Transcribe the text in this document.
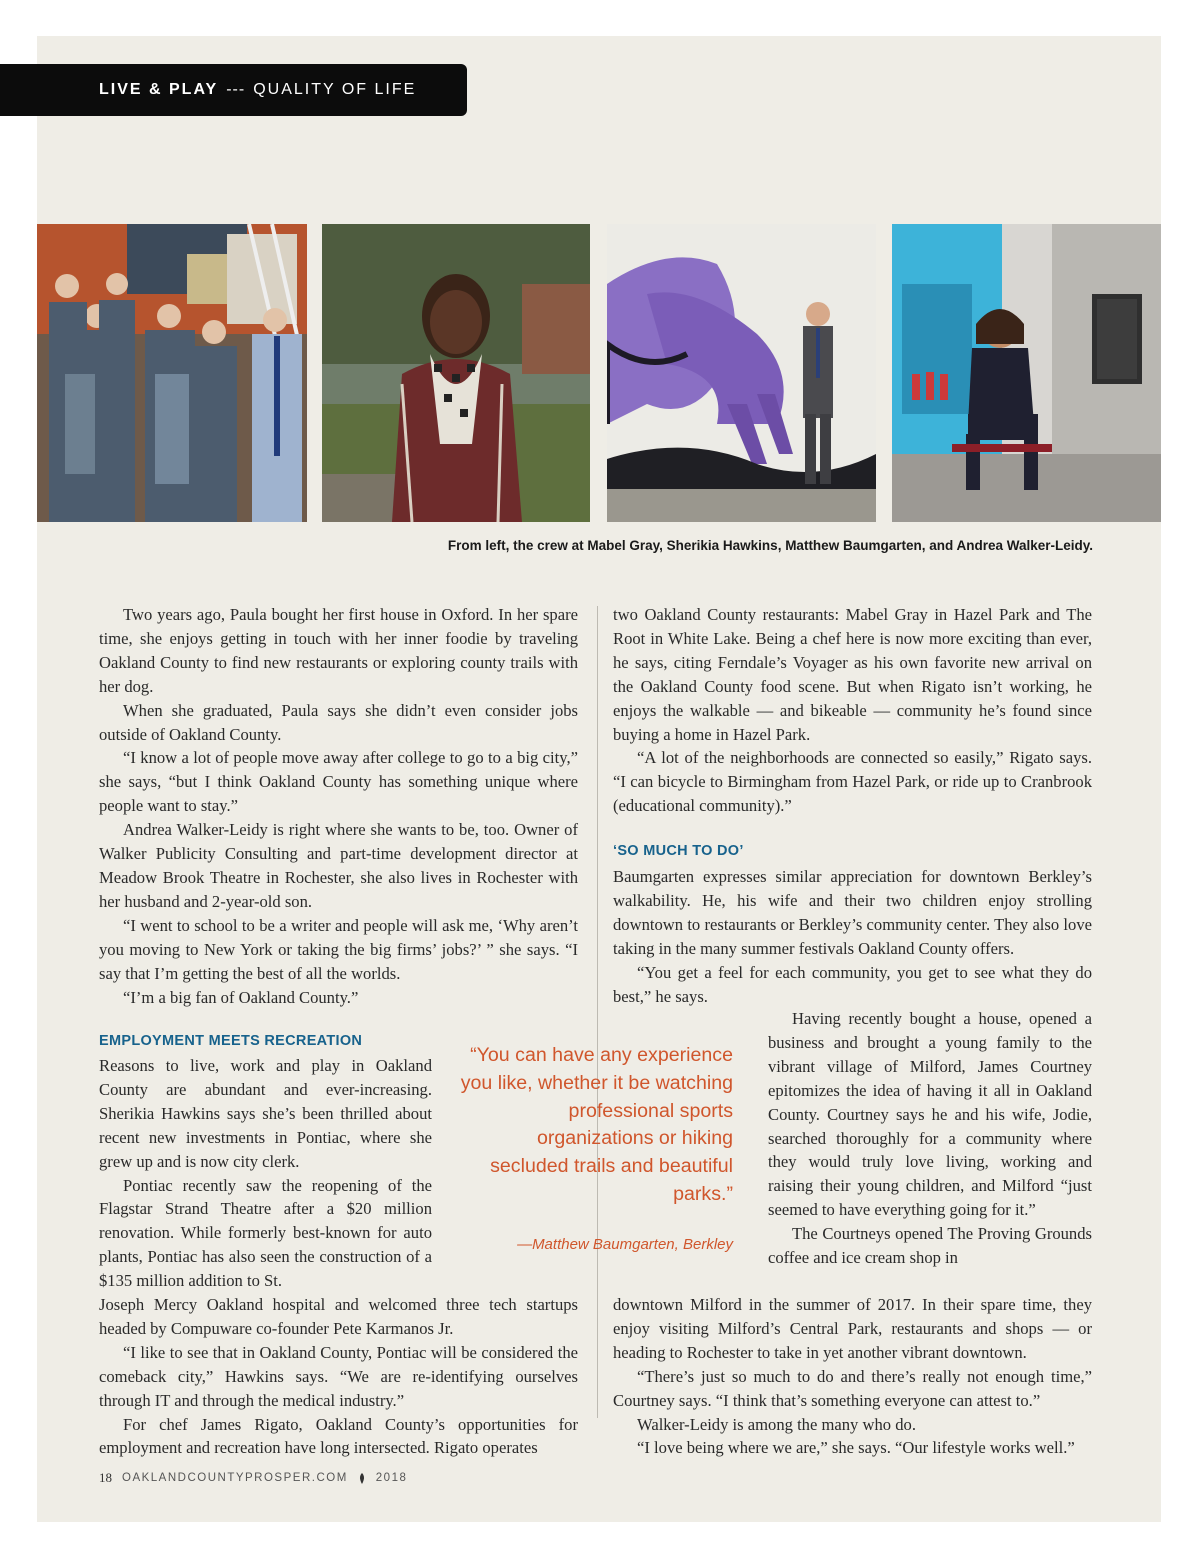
LIVE & PLAY --- QUALITY OF LIFE
From left, the crew at Mabel Gray, Sherikia Hawkins, Matthew Baumgarten, and Andrea Walker-Leidy.

Two years ago, Paula bought her first house in Oxford. In her spare time, she enjoys getting in touch with her inner foodie by traveling Oakland County to find new restaurants or exploring county trails with her dog.

When she graduated, Paula says she didn’t even consider jobs outside of Oakland County.

“I know a lot of people move away after college to go to a big city,” she says, “but I think Oakland County has something unique where people want to stay.”

Andrea Walker-Leidy is right where she wants to be, too. Owner of Walker Publicity Consulting and part-time development director at Meadow Brook Theatre in Rochester, she also lives in Rochester with her husband and 2-year-old son.

“I went to school to be a writer and people will ask me, ‘Why aren’t you moving to New York or taking the big firms’ jobs?’ ” she says. “I say that I’m getting the best of all the worlds.

“I’m a big fan of Oakland County.”

EMPLOYMENT MEETS RECREATION

Reasons to live, work and play in Oakland County are abundant and ever-increasing. Sherikia Hawkins says she’s been thrilled about recent new investments in Pontiac, where she grew up and is now city clerk.

Pontiac recently saw the reopening of the Flagstar Strand Theatre after a $20 million renovation. While formerly best-known for auto plants, Pontiac has also seen the construction of a $135 million addition to St.

Joseph Mercy Oakland hospital and welcomed three tech startups headed by Compuware co-founder Pete Karmanos Jr.

“I like to see that in Oakland County, Pontiac will be considered the comeback city,” Hawkins says. “We are re-identifying ourselves through IT and through the medical industry.”

For chef James Rigato, Oakland County’s opportunities for employment and recreation have long intersected. Rigato operates

two Oakland County restaurants: Mabel Gray in Hazel Park and The Root in White Lake. Being a chef here is now more exciting than ever, he says, citing Ferndale’s Voyager as his own favorite new arrival on the Oakland County food scene. But when Rigato isn’t working, he enjoys the walkable — and bikeable — community he’s found since buying a home in Hazel Park.

“A lot of the neighborhoods are connected so easily,” Rigato says. “I can bicycle to Birmingham from Hazel Park, or ride up to Cranbrook (educational community).”

‘SO MUCH TO DO’

Baumgarten expresses similar appreciation for downtown Berkley’s walkability. He, his wife and their two children enjoy strolling downtown to restaurants or Berkley’s community center. They also love taking in the many summer festivals Oakland County offers.

“You get a feel for each community, you get to see what they do best,” he says.

Having recently bought a house, opened a business and brought a young family to the vibrant village of Milford, James Courtney epitomizes the idea of having it all in Oakland County. Courtney says he and his wife, Jodie, searched thoroughly for a community where they would truly love living, working and raising their young children, and Milford “just seemed to have everything going for it.”

The Courtneys opened The Proving Grounds coffee and ice cream shop in

downtown Milford in the summer of 2017. In their spare time, they enjoy visiting Milford’s Central Park, restaurants and shops — or heading to Rochester to take in yet another vibrant downtown.

“There’s just so much to do and there’s really not enough time,” Courtney says. “I think that’s something everyone can attest to.”

Walker-Leidy is among the many who do.

“I love being where we are,” she says. “Our lifestyle works well.”

“You can have any experience you like, whether it be watching professional sports organizations or hiking secluded trails and beautiful parks.”
—Matthew Baumgarten, Berkley
18 OAKLANDCOUNTYPROSPER.COM 2018
